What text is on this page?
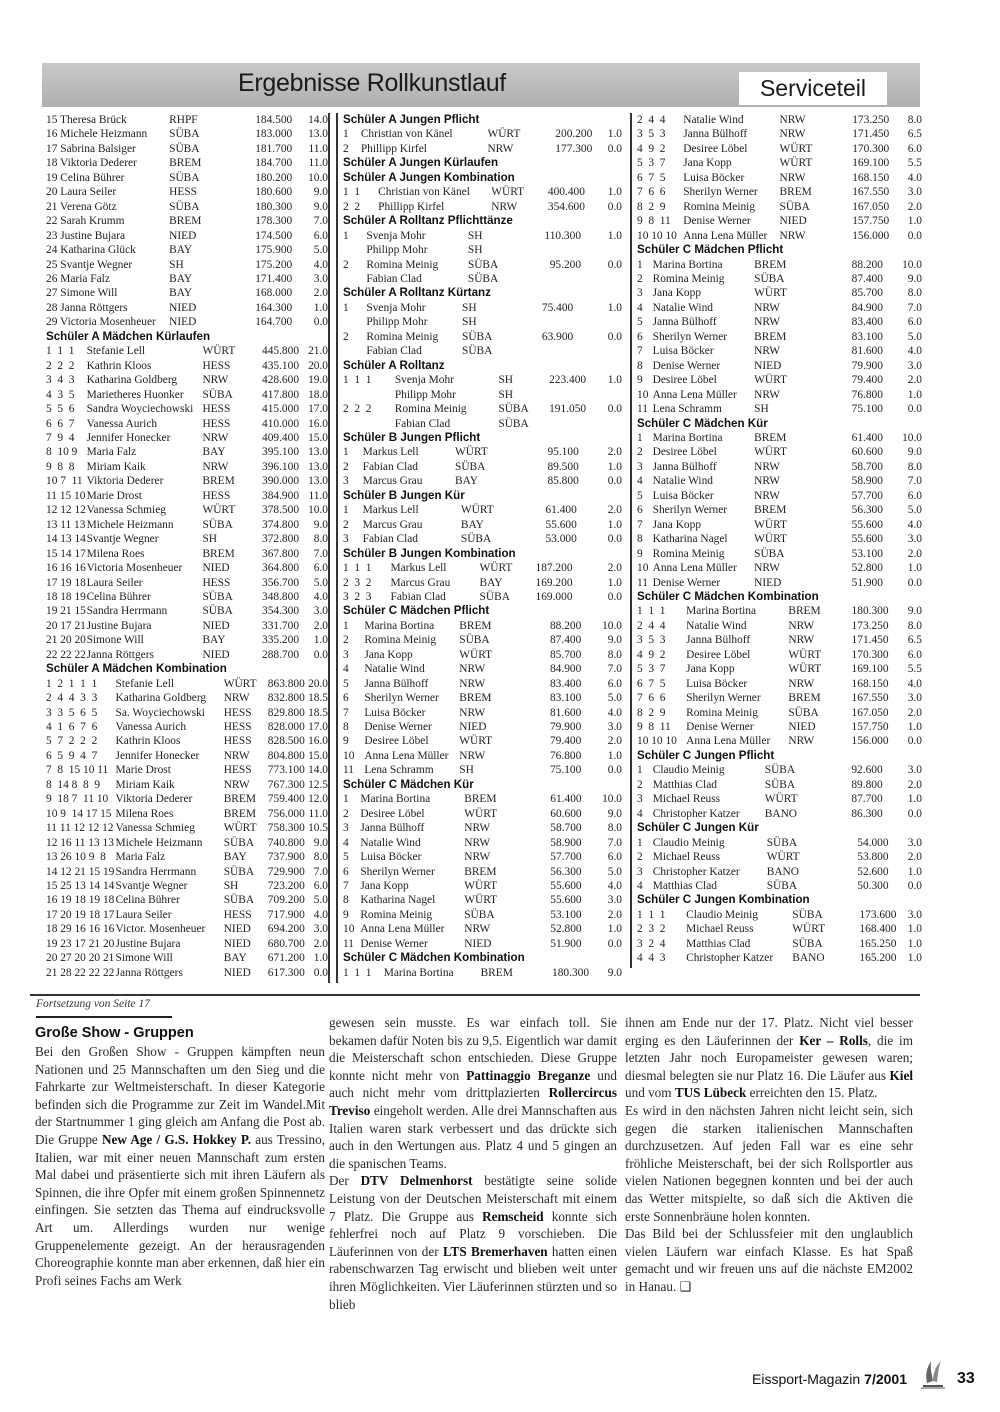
Ergebnisse Rollkunstlauf	Serviceteil
15 Theresa Brück	RHPF	184.500	14.0
16 Michele Heizmann	SÜBA	183.000	13.0
17 Sabrina Balsiger	SÜBA	181.700	11.0
18 Viktoria Dederer	BREM	184.700	11.0
19 Celina Bührer	SÜBA	180.200	10.0
20 Laura Seiler	HESS	180.600	9.0
21 Verena Götz	SÜBA	180.300	9.0
22 Sarah Krumm	BREM	178.300	7.0
23 Justine Bujara	NIED	174.500	6.0
24 Katharina Glück	BAY	175.900	5.0
25 Svantje Wegner	SH	175.200	4.0
26 Maria Falz	BAY	171.400	3.0
27 Simone Will	BAY	168.000	2.0
28 Janna Röttgers	NIED	164.300	1.0
29 Victoria Mosenheuer	NIED	164.700	0.0
Schüler A Mädchen Kürlaufen
1  1  1	Stefanie Lell	WÜRT	445.800 21.0
2  2  2	Kathrin Kloos	HESS	435.100 20.0
3  4  3	Katharina Goldberg	NRW	428.600 19.0
4  3  5	Marietheres Huonker	SÜBA	417.800 18.0
5  5  6	Sandra Woyciechowski HESS	415.000 17.0
6  6  7	Vanessa Aurich	HESS	410.000 16.0
7  9  4	Jennifer Honecker	NRW	409.400 15.0
8  10 9 Maria Falz	BAY	395.100 13.0
9  8  8	Miriam Kaik	NRW	396.100 13.0
10 7  11 Viktoria Dederer	BREM	390.000 13.0
11 15 10 Marie Drost	HESS	384.900 11.0
12 12 12 Vanessa Schmieg	WÜRT	378.500 10.0
13 11 13 Michele Heizmann	SÜBA	374.800	9.0
14 13 14 Svantje Wegner	SH	372.800	8.0
15 14 17 Milena Roes	BREM	367.800	7.0
16 16 16 Victoria Mosenheuer	NIED	364.800	6.0
17 19 18 Laura Seiler	HESS	356.700	5.0
18 18 19 Celina Bührer	SÜBA	348.800	4.0
19 21 15 Sandra Herrmann	SÜBA	354.300	3.0
20 17 21 Justine Bujara	NIED	331.700	2.0
21 20 20 Simone Will	BAY	335.200	1.0
22 22 22 Janna Röttgers	NIED	288.700	0.0
Schüler A Mädchen Kombination
1  2  1  1  1	Stefanie Lell	WÜRT 863.800 20.0
2  4  4  3  3	Katharina Goldberg	NRW	832.800 18.5
3  3  5  6  5	Sa. Woyciechowski	HESS	829.800 18.5
4  1  6  7  6	Vanessa Aurich	HESS	828.000 17.0
5  7  2  2  2	Kathrin Kloos	HESS	828.500 16.0
6  5  9  4  7	Jennifer Honecker	NRW	804.800 15.0
7  8  15 10 11 Marie Drost	HESS	773.100 14.0
8  14 8  8  9	Miriam Kaik	NRW	767.300 12.5
9  18 7  11 10 Viktoria Dederer	BREM	759.400 12.0
10 9  14 17 15 Milena Roes	BREM	756.000 11.0
11 11 12 12 12 Vanessa Schmieg	WÜRT 758.300 10.5
12 16 11 13 13 Michele Heizmann	SÜBA	740.800 9.0
13 26 10 9  8 Maria Falz	BAY	737.900 8.0
14 12 21 15 19 Sandra Herrmann	SÜBA	729.900 7.0
15 25 13 14 14 Svantje Wegner	SH	723.200 6.0
16 19 18 19 18 Celina Bührer	SÜBA	709.200 5.0
17 20 19 18 17 Laura Seiler	HESS	717.900 4.0
18 29 16 16 16 Victor. Mosenheuer	NIED	694.200 3.0
19 23 17 21 20 Justine Bujara	NIED	680.700 2.0
20 27 20 20 21 Simone Will	BAY	671.200 1.0
21 28 22 22 22 Janna Röttgers	NIED	617.300 0.0
Schüler A Jungen Pflicht
1	Christian von Känel	WÜRT	200.200	1.0
2	Phillipp Kirfel	NRW	177.300	0.0
Schüler A Jungen Kürlaufen
Schüler A Jungen Kombination
1  1	Christian von Känel	WÜRT	400.400	1.0
2  2	Phillipp Kirfel	NRW	354.600	0.0
Schüler A Rolltanz Pflichttänze
1	Svenja Mohr	SH	110.300	1.0
Philipp Mohr	SH
2	Romina Meinig	SÜBA	95.200	0.0
Fabian Clad	SÜBA
Schüler A Rolltanz Kürtanz
1	Svenja Mohr	SH	75.400	1.0
Philipp Mohr	SH
2	Romina Meinig	SÜBA	63.900	0.0
Fabian Clad	SÜBA
Schüler A Rolltanz
1  1  1	Svenja Mohr	SH	223.400	1.0
Philipp Mohr	SH
2  2  2	Romina Meinig	SÜBA	191.050	0.0
Fabian Clad	SÜBA
Schüler B Jungen Pflicht
1	Markus Lell	WÜRT	95.100	2.0
2	Fabian Clad	SÜBA	89.500	1.0
3	Marcus Grau	BAY	85.800	0.0
Schüler B Jungen Kür
1	Markus Lell	WÜRT	61.400	2.0
2	Marcus Grau	BAY	55.600	1.0
3	Fabian Clad	SÜBA	53.000	0.0
Schüler B Jungen Kombination
1  1  1	Markus Lell	WÜRT	187.200	2.0
2  3  2	Marcus Grau	BAY	169.200	1.0
3  2  3	Fabian Clad	SÜBA	169.000	0.0
Schüler C Mädchen Pflicht
1	Marina Bortina	BREM	88.200	10.0
2	Romina Meinig	SÜBA	87.400	9.0
3	Jana Kopp	WÜRT	85.700	8.0
4	Natalie Wind	NRW	84.900	7.0
5	Janna Bülhoff	NRW	83.400	6.0
6	Sherilyn Werner	BREM	83.100	5.0
7	Luisa Böcker	NRW	81.600	4.0
8	Denise Werner	NIED	79.900	3.0
9	Desiree Löbel	WÜRT	79.400	2.0
10 Anna Lena Müller NRW	76.800	1.0
11 Lena Schramm	SH	75.100	0.0
Schüler C Mädchen Kür
1	Marina Bortina	BREM	61.400	10.0
2	Desiree Löbel	WÜRT	60.600	9.0
3	Janna Bülhoff	NRW	58.700	8.0
4	Natalie Wind	NRW	58.900	7.0
5	Luisa Böcker	NRW	57.700	6.0
6	Sherilyn Werner	BREM	56.300	5.0
7	Jana Kopp	WÜRT	55.600	4.0
8	Katharina Nagel	WÜRT	55.600	3.0
9	Romina Meinig	SÜBA	53.100	2.0
10 Anna Lena Müller	NRW	52.800	1.0
11 Denise Werner	NIED	51.900	0.0
Schüler C Mädchen Kombination
1  1  1	Marina Bortina	BREM	180.300	9.0
2  4  4	Natalie Wind	NRW	173.250	8.0
3  5  3	Janna Bülhoff	NRW	171.450	6.5
4  9  2	Desiree Löbel	WÜRT	170.300	6.0
5  3  7	Jana Kopp	WÜRT	169.100	5.5
6  7  5	Luisa Böcker	NRW	168.150	4.0
7  6  6	Sherilyn Werner	BREM	167.550	3.0
8  2  9	Romina Meinig	SÜBA	167.050	2.0
9  8  11	Denise Werner	NIED	157.750	1.0
10 10 10 Anna Lena Müller	NRW	156.000	0.0
Schüler C Mädchen Pflicht
1 Marina Bortina	BREM	88.200	10.0
2 Romina Meinig	SÜBA	87.400	9.0
3 Jana Kopp	WÜRT	85.700	8.0
4 Natalie Wind	NRW	84.900	7.0
5 Janna Bülhoff	NRW	83.400	6.0
6 Sherilyn Werner	BREM	83.100	5.0
7 Luisa Böcker	NRW	81.600	4.0
8 Denise Werner	NIED	79.900	3.0
9 Desiree Löbel	WÜRT	79.400	2.0
10 Anna Lena Müller	NRW	76.800	1.0
11 Lena Schramm	SH	75.100	0.0
Schüler C Mädchen Kür
1 Marina Bortina	BREM	61.400	10.0
2 Desiree Löbel	WÜRT	60.600	9.0
3 Janna Bülhoff	NRW	58.700	8.0
4 Natalie Wind	NRW	58.900	7.0
5 Luisa Böcker	NRW	57.700	6.0
6 Sherilyn Werner	BREM	56.300	5.0
7 Jana Kopp	WÜRT	55.600	4.0
8 Katharina Nagel	WÜRT	55.600	3.0
9 Romina Meinig	SÜBA	53.100	2.0
10 Anna Lena Müller	NRW	52.800	1.0
11 Denise Werner	NIED	51.900	0.0
Schüler C Mädchen Kombination
1  1  1	Marina Bortina	BREM	180.300	9.0
2  4  4	Natalie Wind	NRW	173.250	8.0
3  5  3	Janna Bülhoff	NRW	171.450	6.5
4  9  2	Desiree Löbel	WÜRT	170.300	6.0
5  3  7	Jana Kopp	WÜRT	169.100	5.5
6  7  5	Luisa Böcker	NRW	168.150	4.0
7  6  6	Sherilyn Werner	BREM	167.550	3.0
8  2  9	Romina Meinig	SÜBA	167.050	2.0
9  8  11	Denise Werner	NIED	157.750	1.0
10 10 10 Anna Lena Müller	NRW	156.000	0.0
Schüler C Jungen Pflicht
1 Claudio Meinig	SÜBA	92.600	3.0
2 Matthias Clad	SÜBA	89.800	2.0
3 Michael Reuss	WÜRT	87.700	1.0
4 Christopher Katzer	BANO	86.300	0.0
Schüler C Jungen Kür
1 Claudio Meinig	SÜBA	54.000	3.0
2 Michael Reuss	WÜRT	53.800	2.0
3 Christopher Katzer	BANO	52.600	1.0
4 Matthias Clad	SÜBA	50.300	0.0
Schüler C Jungen Kombination
1  1  1	Claudio Meinig	SÜBA	173.600 3.0
2  3  2	Michael Reuss	WÜRT	168.400 1.0
3  2  4	Matthias Clad	SÜBA	165.250 1.0
4  4  3	Christopher Katzer	BANO	165.200 1.0
Fortsetzung von Seite 17
Große Show - Gruppen
Bei den Großen Show - Gruppen kämpften neun Nationen und 25 Mannschaften um den Sieg und die Fahrkarte zur Weltmeisterschaft. In dieser Kategorie befinden sich die Programme zur Zeit im Wandel.Mit der Startnummer 1 ging gleich am Anfang die Post ab. Die Gruppe New Age / G.S. Hokkey P. aus Tressino, Italien, war mit einer neuen Mannschaft zum ersten Mal dabei und präsentierte sich mit ihren Läufern als Spinnen, die ihre Opfer mit einem großen Spinnennetz einfingen. Sie setzten das Thema auf eindrucksvolle Art um. Allerdings wurden nur wenige Gruppenelemente gezeigt. An der herausragenden Choreographie konnte man aber erkennen, daß hier ein Profi seines Fachs am Werk
gewesen sein musste. Es war einfach toll. Sie bekamen dafür Noten bis zu 9,5. Eigentlich war damit die Meisterschaft schon entschieden. Diese Gruppe konnte nicht mehr von Pattinaggio Breganze und auch nicht mehr vom drittplazierten Rollercircus Treviso eingeholt werden. Alle drei Mannschaften aus Italien waren stark verbessert und das drückte sich auch in den Wertungen aus. Platz 4 und 5 gingen an die spanischen Teams.
Der DTV Delmenhorst bestätigte seine solide Leistung von der Deutschen Meisterschaft mit einem 7 Platz. Die Gruppe aus Remscheid konnte sich fehlerfrei noch auf Platz 9 vorschieben. Die Läuferinnen von der LTS Bremerhaven hatten einen rabenschwarzen Tag erwischt und blieben weit unter ihren Möglichkeiten. Vier Läuferinnen stürzten und so blieb
ihnen am Ende nur der 17. Platz. Nicht viel besser erging es den Läuferinnen der Ker – Rolls, die im letzten Jahr noch Europameister gewesen waren; diesmal belegten sie nur Platz 16. Die Läufer aus Kiel und vom TUS Lübeck erreichten den 15. Platz.
Es wird in den nächsten Jahren nicht leicht sein, sich gegen die starken italienischen Mannschaften durchzusetzen. Auf jeden Fall war es eine sehr fröhliche Meisterschaft, bei der sich Rollsportler aus vielen Nationen begegnen konnten und bei der auch das Wetter mitspielte, so daß sich die Aktiven die erste Sonnenbräune holen konnten.
Das Bild bei der Schlussfeier mit den unglaublich vielen Läufern war einfach Klasse. Es hat Spaß gemacht und wir freuen uns auf die nächste EM2002 in Hanau. ❑
Eissport-Magazin 7/2001	33
